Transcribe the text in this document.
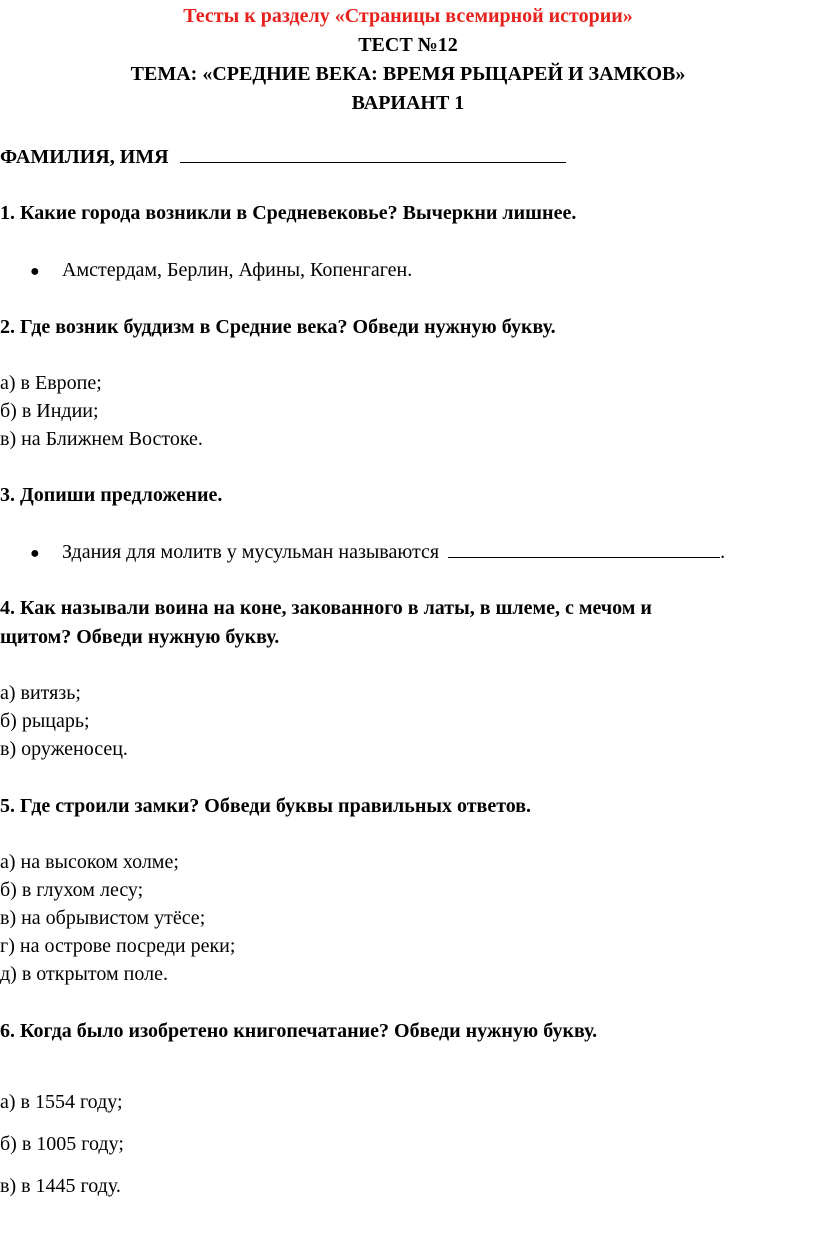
Тесты к разделу «Страницы всемирной истории»
ТЕСТ №12
ТЕМА: «СРЕДНИЕ ВЕКА: ВРЕМЯ РЫЦАРЕЙ И ЗАМКОВ»
ВАРИАНТ 1
ФАМИЛИЯ, ИМЯ
1. Какие города возникли в Средневековье? Вычеркни лишнее.
● Амстердам, Берлин, Афины, Копенгаген.
2. Где возник буддизм в Средние века? Обведи нужную букву.
а) в Европе;
б) в Индии;
в) на Ближнем Востоке.
3. Допиши предложение.
● Здания для молитв у мусульман называются	.
4. Как называли воина на коне, закованного в латы, в шлеме, с мечом и
щитом? Обведи нужную букву.
а) витязь;
б) рыцарь;
в) оруженосец.
5. Где строили замки? Обведи буквы правильных ответов.
а) на высоком холме;
б) в глухом лесу;
в) на обрывистом утёсе;
г) на острове посреди реки;
д) в открытом поле.
6. Когда было изобретено книгопечатание? Обведи нужную букву.
а) в 1554 году;
б) в 1005 году;
в) в 1445 году.
